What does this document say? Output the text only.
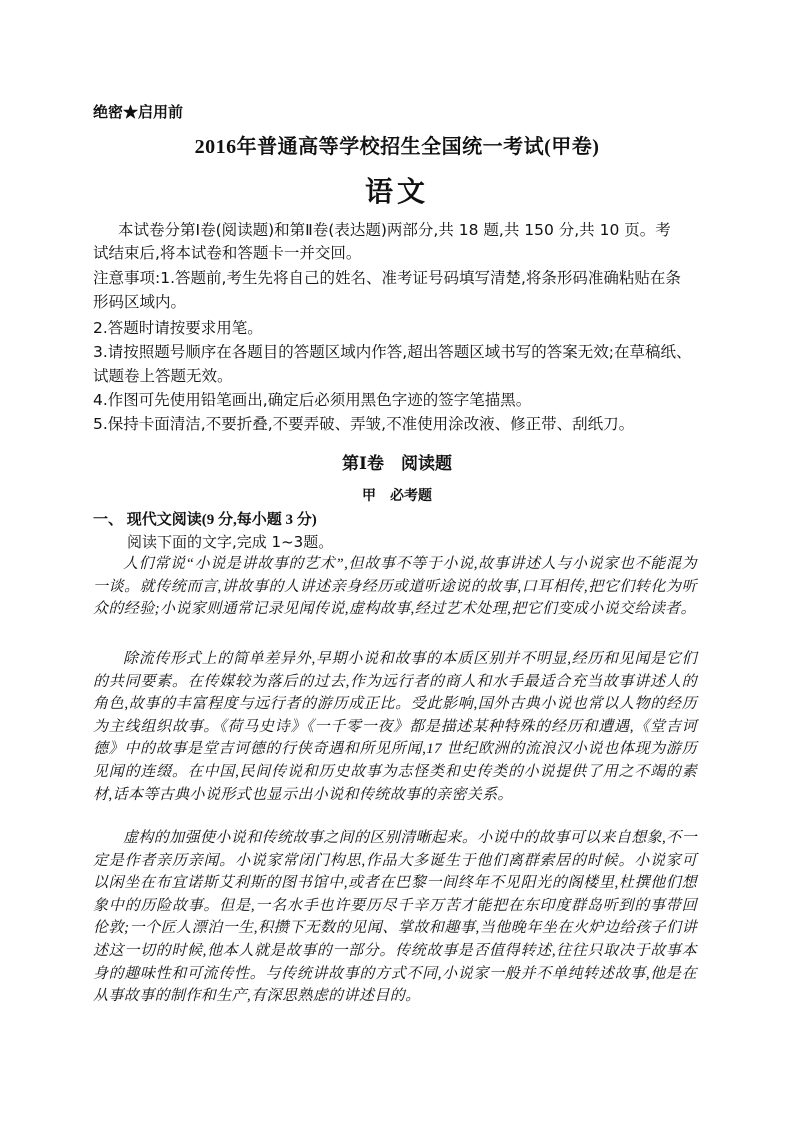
绝密★启用前
2016年普通高等学校招生全国统一考试(甲卷)
语文
本试卷分第Ⅰ卷(阅读题)和第Ⅱ卷(表达题)两部分,共 18 题,共 150 分,共 10 页。考
试结束后,将本试卷和答题卡一并交回。
注意事项:1.答题前,考生先将自己的姓名、准考证号码填写清楚,将条形码准确粘贴在条
形码区域内。
2.答题时请按要求用笔。
3.请按照题号顺序在各题目的答题区域内作答,超出答题区域书写的答案无效;在草稿纸、
试题卷上答题无效。
4.作图可先使用铅笔画出,确定后必须用黑色字迹的签字笔描黑。
5.保持卡面清洁,不要折叠,不要弄破、弄皱,不准使用涂改液、修正带、刮纸刀。
第Ⅰ卷　阅读题
甲　必考题
一、 现代文阅读(9 分,每小题 3 分)
阅读下面的文字,完成 1~3题。
人们常说“小说是讲故事的艺术”,但故事不等于小说,故事讲述人与小说家也不能混为一谈。就传统而言,讲故事的人讲述亲身经历或道听途说的故事,口耳相传,把它们转化为听众的经验;小说家则通常记录见闻传说,虚构故事,经过艺术处理,把它们变成小说交给读者。
除流传形式上的简单差异外,早期小说和故事的本质区别并不明显,经历和见闻是它们的共同要素。在传媒较为落后的过去,作为远行者的商人和水手最适合充当故事讲述人的角色,故事的丰富程度与远行者的游历成正比。受此影响,国外古典小说也常以人物的经历为主线组织故事。《荷马史诗》《一千零一夜》都是描述某种特殊的经历和遭遇,《堂吉诃德》中的故事是堂吉诃德的行侠奇遇和所见所闻,17 世纪欧洲的流浪汉小说也体现为游历见闻的连缀。在中国,民间传说和历史故事为志怪类和史传类的小说提供了用之不竭的素材,话本等古典小说形式也显示出小说和传统故事的亲密关系。
虚构的加强使小说和传统故事之间的区别清晰起来。小说中的故事可以来自想象,不一定是作者亲历亲闻。小说家常闭门构思,作品大多诞生于他们离群索居的时候。小说家可以闲坐在布宜诺斯艾利斯的图书馆中,或者在巴黎一间终年不见阳光的阁楼里,杜撰他们想象中的历险故事。但是,一名水手也许要历尽千辛万苦才能把在东印度群岛听到的事带回伦敦;一个匠人漂泊一生,积攒下无数的见闻、掌故和趣事,当他晚年坐在火炉边给孩子们讲述这一切的时候,他本人就是故事的一部分。传统故事是否值得转述,往往只取决于故事本身的趣味性和可流传性。与传统讲故事的方式不同,小说家一般并不单纯转述故事,他是在从事故事的制作和生产,有深思熟虑的讲述目的。
